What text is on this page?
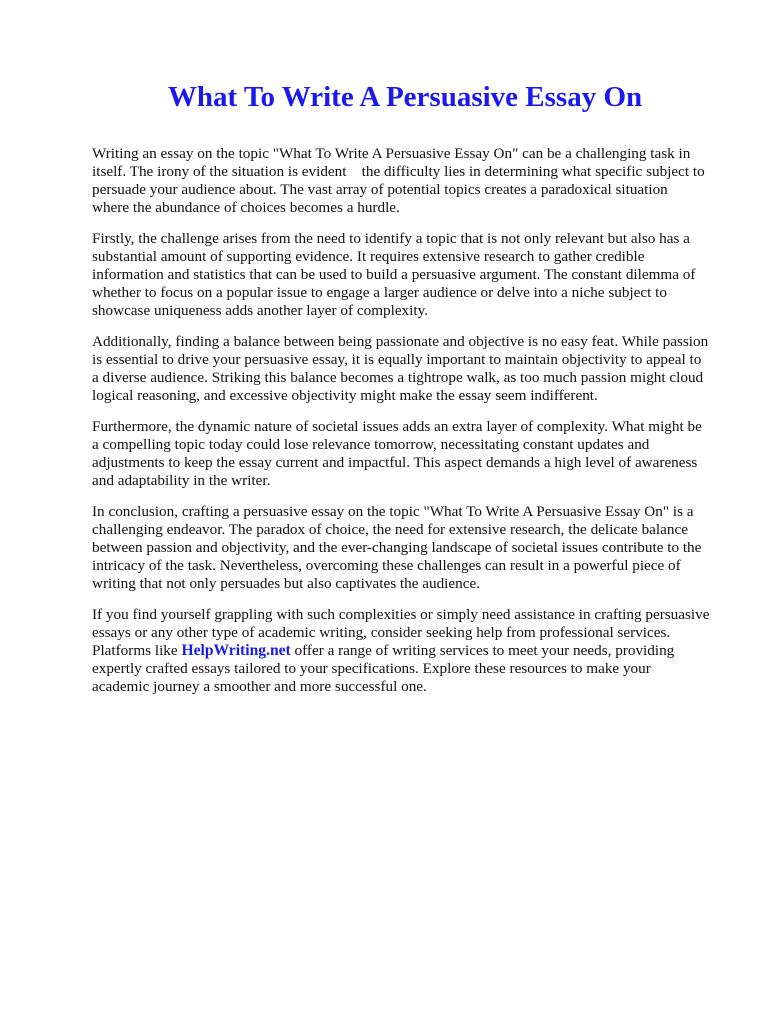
What To Write A Persuasive Essay On

Writing an essay on the topic "What To Write A Persuasive Essay On" can be a challenging task in
itself. The irony of the situation is evident    the difficulty lies in determining what specific subject to
persuade your audience about. The vast array of potential topics creates a paradoxical situation
where the abundance of choices becomes a hurdle.

Firstly, the challenge arises from the need to identify a topic that is not only relevant but also has a
substantial amount of supporting evidence. It requires extensive research to gather credible
information and statistics that can be used to build a persuasive argument. The constant dilemma of
whether to focus on a popular issue to engage a larger audience or delve into a niche subject to
showcase uniqueness adds another layer of complexity.

Additionally, finding a balance between being passionate and objective is no easy feat. While passion
is essential to drive your persuasive essay, it is equally important to maintain objectivity to appeal to
a diverse audience. Striking this balance becomes a tightrope walk, as too much passion might cloud
logical reasoning, and excessive objectivity might make the essay seem indifferent.

Furthermore, the dynamic nature of societal issues adds an extra layer of complexity. What might be
a compelling topic today could lose relevance tomorrow, necessitating constant updates and
adjustments to keep the essay current and impactful. This aspect demands a high level of awareness
and adaptability in the writer.

In conclusion, crafting a persuasive essay on the topic "What To Write A Persuasive Essay On" is a
challenging endeavor. The paradox of choice, the need for extensive research, the delicate balance
between passion and objectivity, and the ever-changing landscape of societal issues contribute to the
intricacy of the task. Nevertheless, overcoming these challenges can result in a powerful piece of
writing that not only persuades but also captivates the audience.

If you find yourself grappling with such complexities or simply need assistance in crafting persuasive
essays or any other type of academic writing, consider seeking help from professional services.
Platforms like HelpWriting.net offer a range of writing services to meet your needs, providing
expertly crafted essays tailored to your specifications. Explore these resources to make your
academic journey a smoother and more successful one.
